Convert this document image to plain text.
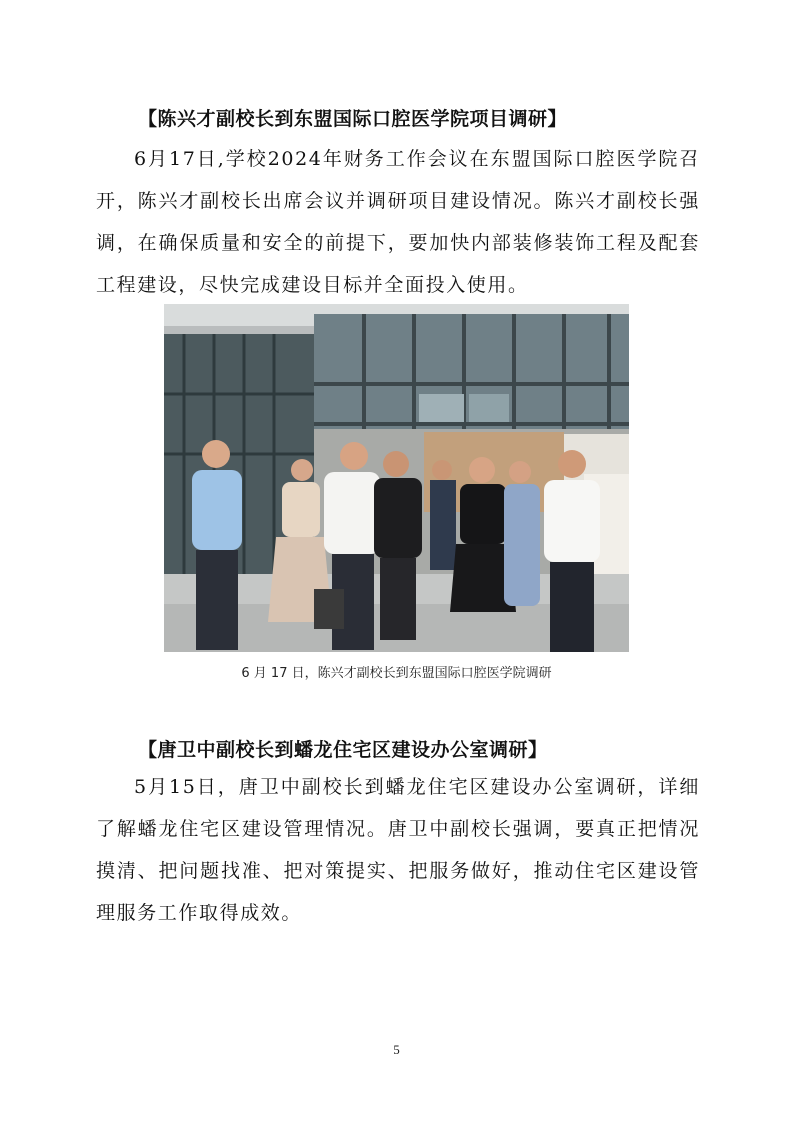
【陈兴才副校长到东盟国际口腔医学院项目调研】

6月17日,学校2024年财务工作会议在东盟国际口腔医学院召开，陈兴才副校长出席会议并调研项目建设情况。陈兴才副校长强调，在确保质量和安全的前提下，要加快内部装修装饰工程及配套工程建设，尽快完成建设目标并全面投入使用。

6 月 17 日，陈兴才副校长到东盟国际口腔医学院调研
【唐卫中副校长到蟠龙住宅区建设办公室调研】

5月15日，唐卫中副校长到蟠龙住宅区建设办公室调研，详细了解蟠龙住宅区建设管理情况。唐卫中副校长强调，要真正把情况摸清、把问题找准、把对策提实、把服务做好，推动住宅区建设管理服务工作取得成效。

5
